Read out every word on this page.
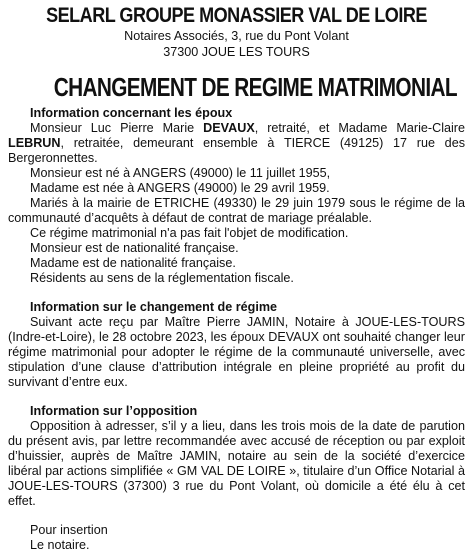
SELARL GROUPE MONASSIER VAL DE LOIRE

Notaires Associés, 3, rue du Pont Volant

37300 JOUE LES TOURS

CHANGEMENT DE REGIME MATRIMONIAL

Information concernant les époux

Monsieur Luc Pierre Marie DEVAUX, retraité, et Madame Marie-Claire LEBRUN, retraitée, demeurant ensemble à TIERCE (49125) 17 rue des Bergeronnettes.

Monsieur est né à ANGERS (49000) le 11 juillet 1955,

Madame est née à ANGERS (49000) le 29 avril 1959.

Mariés à la mairie de ETRICHE (49330) le 29 juin 1979 sous le régime de la communauté d’acquêts à défaut de contrat de mariage préalable.

Ce régime matrimonial n'a pas fait l'objet de modification.

Monsieur est de nationalité française.

Madame est de nationalité française.

Résidents au sens de la réglementation fiscale.

Information sur le changement de régime

Suivant acte reçu par Maître Pierre JAMIN, Notaire à JOUE-LES-TOURS (Indre-et-Loire), le 28 octobre 2023, les époux DEVAUX ont souhaité changer leur régime matrimonial pour adopter le régime de la communauté universelle, avec stipulation d’une clause d’attribution intégrale en pleine propriété au profit du survivant d’entre eux.

Information sur l’opposition

Opposition à adresser, s’il y a lieu, dans les trois mois de la date de parution du présent avis, par lettre recommandée avec accusé de réception ou par exploit d’huissier, auprès de Maître JAMIN, notaire au sein de la société d’exercice libéral par actions simplifiée « GM VAL DE LOIRE », titulaire d’un Office Notarial à JOUE-LES-TOURS (37300) 3 rue du Pont Volant, où domicile a été élu à cet effet.

Pour insertion

Le notaire.
